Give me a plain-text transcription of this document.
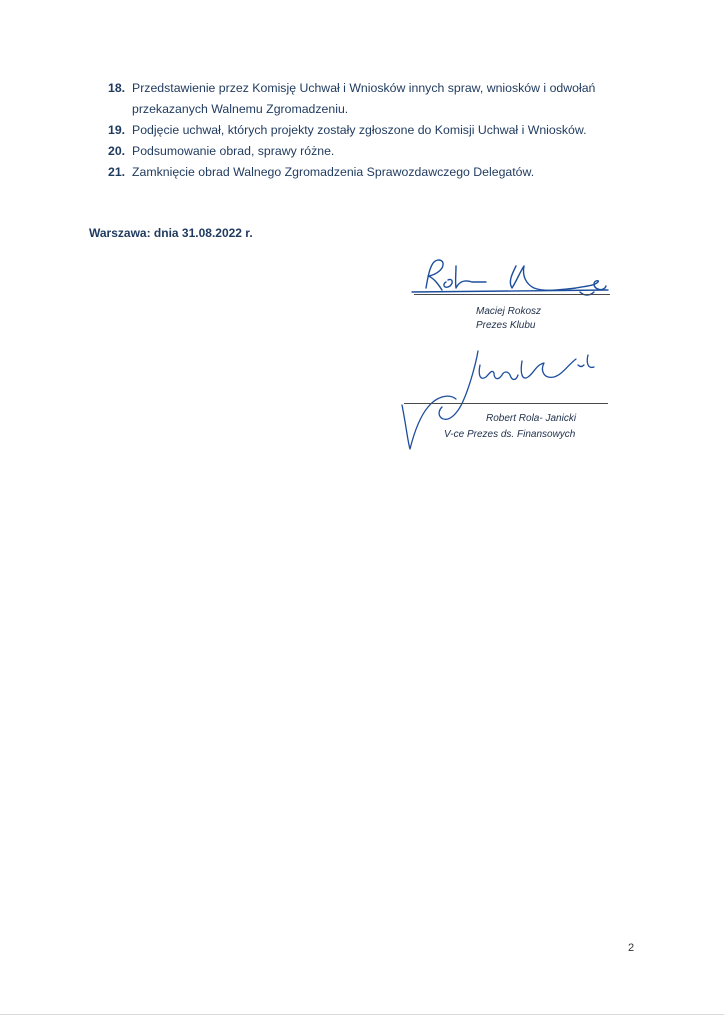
18. Przedstawienie przez Komisję Uchwał i Wniosków innych spraw, wniosków i odwołań
przekazanych Walnemu Zgromadzeniu.
19. Podjęcie uchwał, których projekty zostały zgłoszone do Komisji Uchwał i Wniosków.
20. Podsumowanie obrad, sprawy różne.
21. Zamknięcie obrad Walnego Zgromadzenia Sprawozdawczego Delegatów.
Warszawa: dnia 31.08.2022 r.
Maciej Rokosz
Prezes Klubu
Robert Rola- Janicki
V-ce Prezes ds. Finansowych
2
